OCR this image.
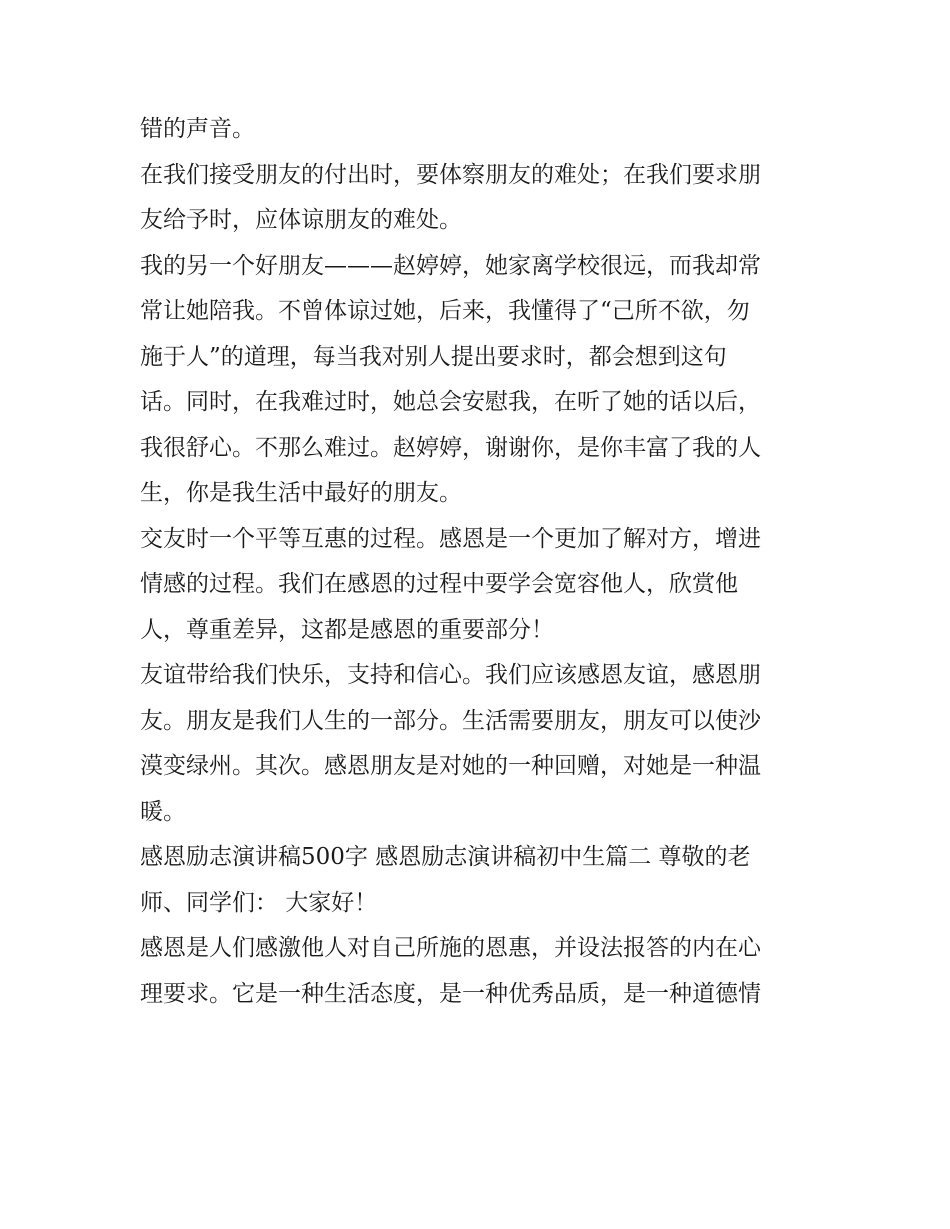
错的声音。
在我们接受朋友的付出时，要体察朋友的难处；在我们要求朋
友给予时，应体谅朋友的难处。
我的另一个好朋友———赵婷婷，她家离学校很远，而我却常
常让她陪我。不曾体谅过她，后来，我懂得了“己所不欲，勿
施于人”的道理，每当我对别人提出要求时，都会想到这句
话。同时，在我难过时，她总会安慰我，在听了她的话以后，
我很舒心。不那么难过。赵婷婷，谢谢你，是你丰富了我的人
生，你是我生活中最好的朋友。
交友时一个平等互惠的过程。感恩是一个更加了解对方，增进
情感的过程。我们在感恩的过程中要学会宽容他人，欣赏他
人，尊重差异，这都是感恩的重要部分！
友谊带给我们快乐，支持和信心。我们应该感恩友谊，感恩朋
友。朋友是我们人生的一部分。生活需要朋友，朋友可以使沙
漠变绿州。其次。感恩朋友是对她的一种回赠，对她是一种温
暖。
感恩励志演讲稿500字 感恩励志演讲稿初中生篇二 尊敬的老
师、同学们： 大家好！
感恩是人们感激他人对自己所施的恩惠，并设法报答的内在心
理要求。它是一种生活态度，是一种优秀品质，是一种道德情
